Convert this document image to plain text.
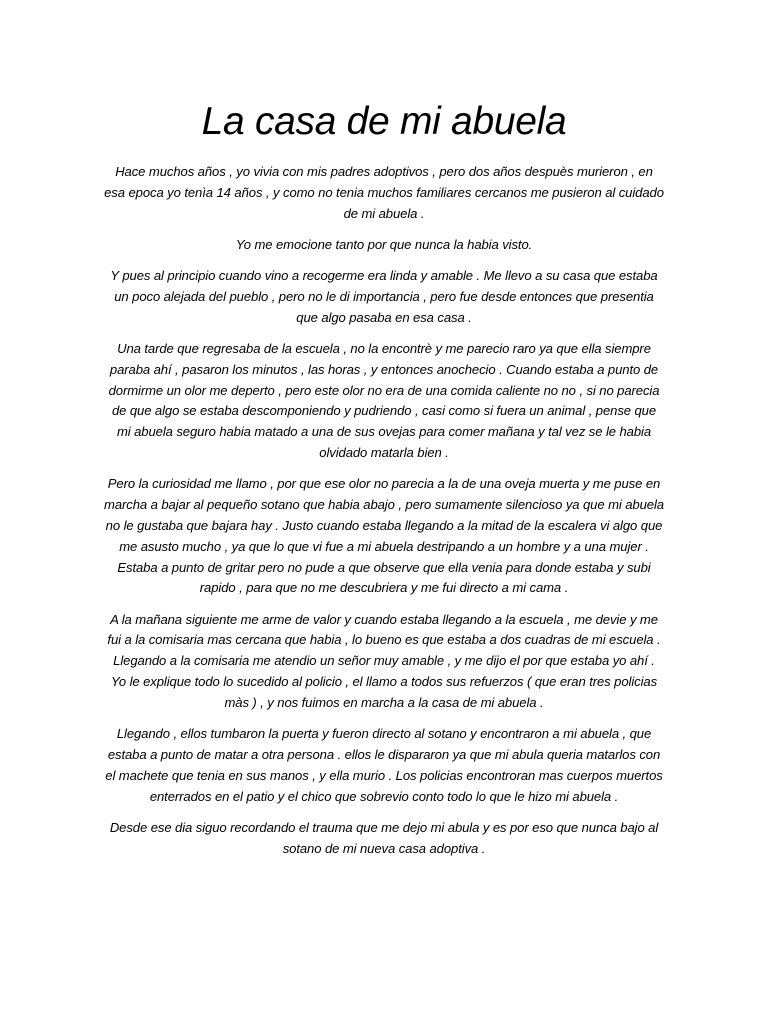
La casa de mi abuela

Hace muchos años , yo vivia con mis padres adoptivos , pero dos años despuès murieron , en esa epoca yo tenìa 14 años , y como no tenia muchos familiares cercanos me pusieron al cuidado de mi abuela .

Yo me emocione tanto por que nunca la habia visto.

Y pues al principio cuando vino a recogerme era linda y amable . Me llevo a su casa que estaba un poco alejada del pueblo , pero no le di importancia , pero fue desde entonces que presentia que algo pasaba en esa casa .

Una tarde que regresaba de la escuela , no la encontrè y me parecio raro ya que ella siempre paraba ahí , pasaron los minutos , las horas , y entonces anochecio . Cuando estaba a punto de dormirme un olor me deperto , pero este olor no era de una comida caliente no no , si no parecia de que algo se estaba descomponiendo y pudriendo , casi como si fuera un animal , pense que mi abuela seguro habia matado a una de sus ovejas para comer mañana y tal vez se le habia olvidado matarla bien .

Pero la curiosidad me llamo , por que ese olor no parecia a la de una oveja muerta y me puse en marcha a bajar al pequeño sotano que habia abajo , pero sumamente silencioso ya que mi abuela no le gustaba que bajara hay . Justo cuando estaba llegando a la mitad de la escalera vi algo que me asusto mucho , ya que lo que vi fue a mi abuela destripando a un hombre y a una mujer . Estaba a punto de gritar pero no pude a que observe que ella venia para donde estaba y subi rapido , para que no me descubriera y me fui directo a mi cama .

A la mañana siguiente me arme de valor y cuando estaba llegando a la escuela , me devie y me fui a la comisaria mas cercana que habia , lo bueno es que estaba a dos cuadras de mi escuela . Llegando a la comisaria me atendio un señor muy amable , y me dijo el por que estaba yo ahí . Yo le explique todo lo sucedido al policio , el llamo a todos sus refuerzos ( que eran tres policias màs ) , y nos fuimos en marcha a la casa de mi abuela .

Llegando , ellos tumbaron la puerta y fueron directo al sotano y encontraron a mi abuela , que estaba a punto de matar a otra persona . ellos le dispararon ya que mi abula queria matarlos con el machete que tenia en sus manos , y ella murio . Los policias encontroran mas cuerpos muertos enterrados en el patio y el chico que sobrevio conto todo lo que le hizo mi abuela .

Desde ese dia siguo recordando el trauma que me dejo mi abula y es por eso que nunca bajo al sotano de mi nueva casa adoptiva .
